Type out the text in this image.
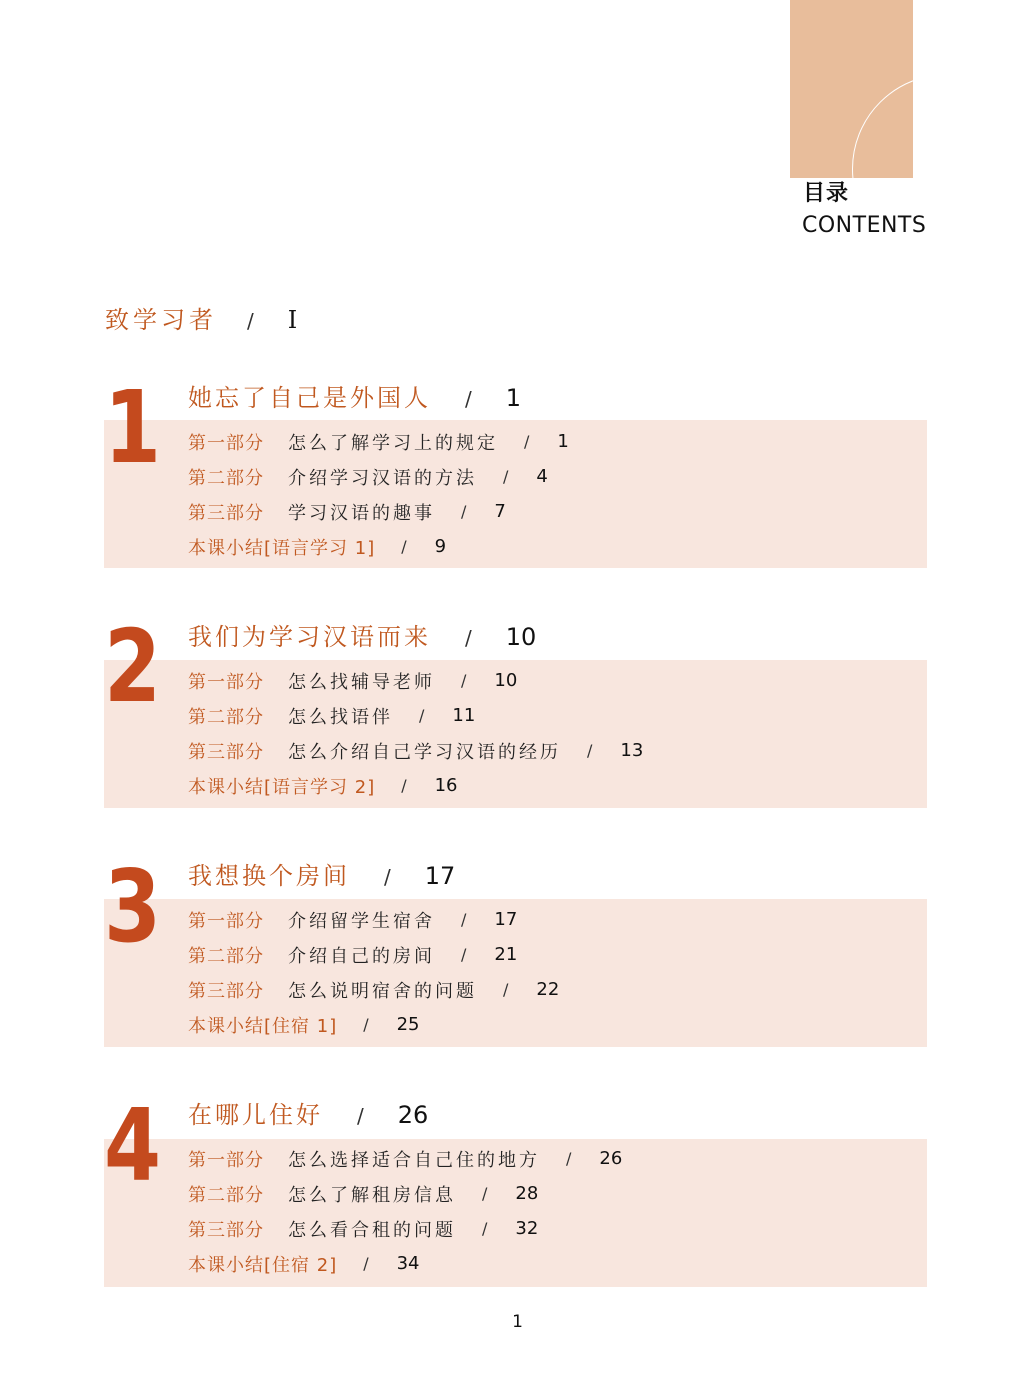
目录
CONTENTS
致学习者 / I
1 她忘了自己是外国人 / 1
第一部分	怎么了解学习上的规定 / 1
第二部分	介绍学习汉语的方法 / 4
第三部分	学习汉语的趣事 / 7
本课小结[语言学习 1] / 9
2 我们为学习汉语而来 / 10
第一部分	怎么找辅导老师 / 10
第二部分	怎么找语伴 / 11
第三部分	怎么介绍自己学习汉语的经历 / 13
本课小结[语言学习 2] / 16
3 我想换个房间 / 17
第一部分	介绍留学生宿舍 / 17
第二部分	介绍自己的房间 / 21
第三部分	怎么说明宿舍的问题 / 22
本课小结[住宿 1] / 25
4 在哪儿住好 / 26
第一部分	怎么选择适合自己住的地方 / 26
第二部分	怎么了解租房信息 / 28
第三部分	怎么看合租的问题 / 32
本课小结[住宿 2] / 34
1
